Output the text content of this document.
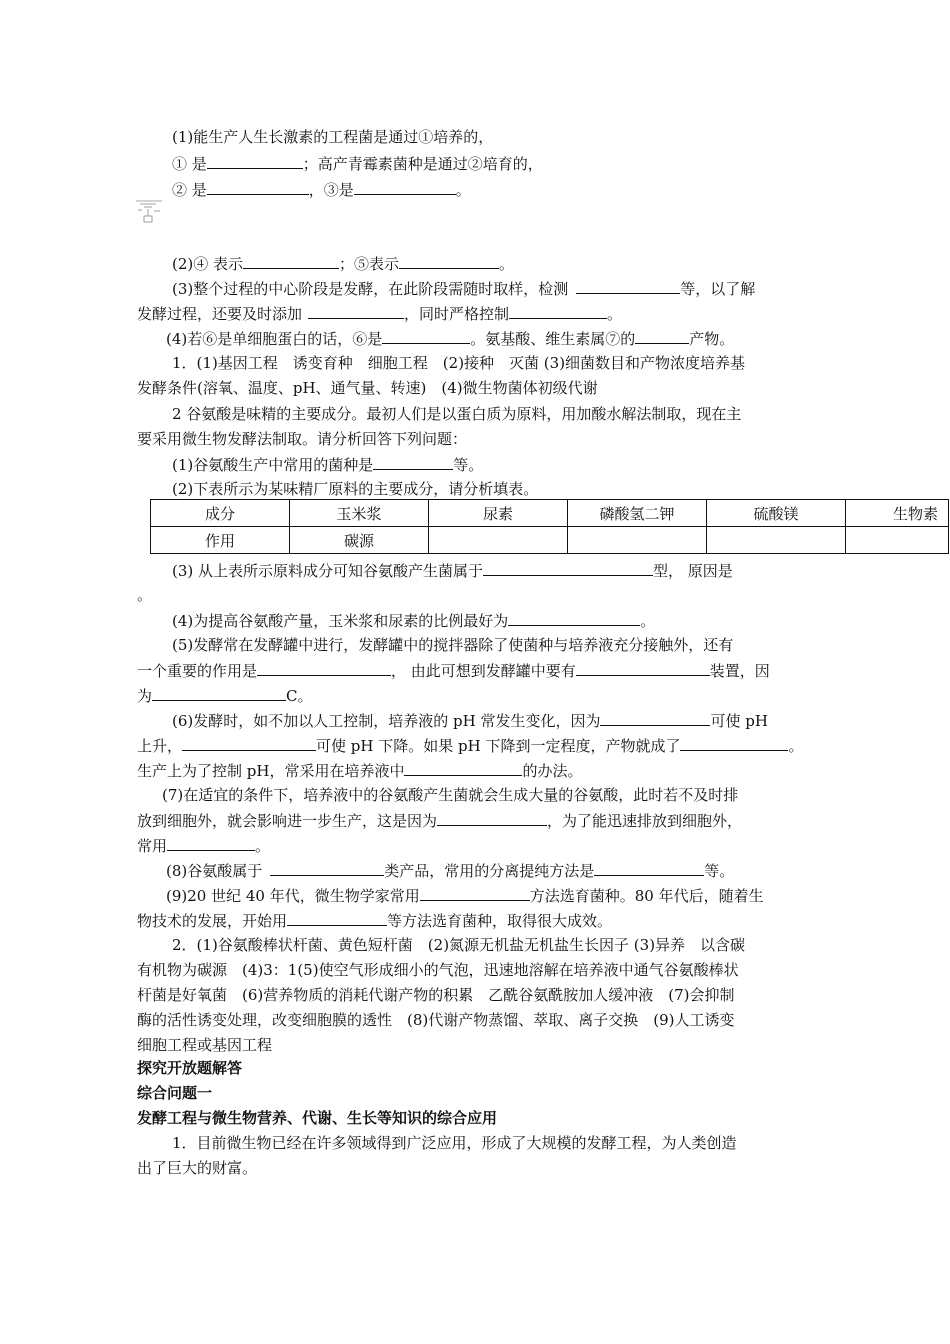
(1)能生产人生长激素的工程菌是通过①培养的，
① 是	；高产青霉素菌种是通过②培育的，
② 是	，③是	。
(2)④ 表示	；⑤表示	。
(3)整个过程的中心阶段是发酵，在此阶段需随时取样，检测	等，以了解
发酵过程，还要及时添加	，同时严格控制	。
(4)若⑥是单细胞蛋白的话，⑥是	。氨基酸、维生素属⑦的	产物。
1．(1)基因工程　诱变育种　细胞工程　(2)接种　灭菌 (3)细菌数目和产物浓度培养基
发酵条件(溶氧、温度、pH、通气量、转速)　(4)微生物菌体初级代谢
2 谷氨酸是味精的主要成分。最初人们是以蛋白质为原料，用加酸水解法制取，现在主
要采用微生物发酵法制取。请分析回答下列问题：
(1)谷氨酸生产中常用的菌种是	等。
(2)下表所示为某味精厂原料的主要成分，请分析填表。
成分	玉米浆	尿素	磷酸氢二钾	硫酸镁	生物素
作用	碳源				
(3) 从上表所示原料成分可知谷氨酸产生菌属于	型， 原因是
。
(4)为提高谷氨酸产量，玉米浆和尿素的比例最好为	。
(5)发酵常在发酵罐中进行，发酵罐中的搅拌器除了使菌种与培养液充分接触外，还有
一个重要的作用是	， 由此可想到发酵罐中要有	装置，因
为	C。
(6)发酵时，如不加以人工控制，培养液的 pH 常发生变化，因为	可使 pH
上升，	可使 pH 下降。如果 pH 下降到一定程度，产物就成了	。
生产上为了控制 pH，常采用在培养液中	的办法。
(7)在适宜的条件下，培养液中的谷氨酸产生菌就会生成大量的谷氨酸，此时若不及时排
放到细胞外，就会影响进一步生产，这是因为	，为了能迅速排放到细胞外，
常用	。
(8)谷氨酸属于	类产品，常用的分离提纯方法是	等。
(9)20 世纪 40 年代，微生物学家常用	方法选育菌种。80 年代后，随着生
物技术的发展，开始用	等方法选育菌种，取得很大成效。
2．(1)谷氨酸棒状杆菌、黄色短杆菌　(2)氮源无机盐无机盐生长因子 (3)异养　以含碳
有机物为碳源　(4)3：1(5)使空气形成细小的气泡，迅速地溶解在培养液中通气谷氨酸棒状
杆菌是好氧菌　(6)营养物质的消耗代谢产物的积累　乙酰谷氨酰胺加人缓冲液　(7)会抑制
酶的活性诱变处理，改变细胞膜的透性　(8)代谢产物蒸馏、萃取、离子交换　(9)人工诱变
细胞工程或基因工程
探究开放题解答
综合问题一
发酵工程与微生物营养、代谢、生长等知识的综合应用
1．目前微生物已经在许多领域得到广泛应用，形成了大规模的发酵工程，为人类创造
出了巨大的财富。
